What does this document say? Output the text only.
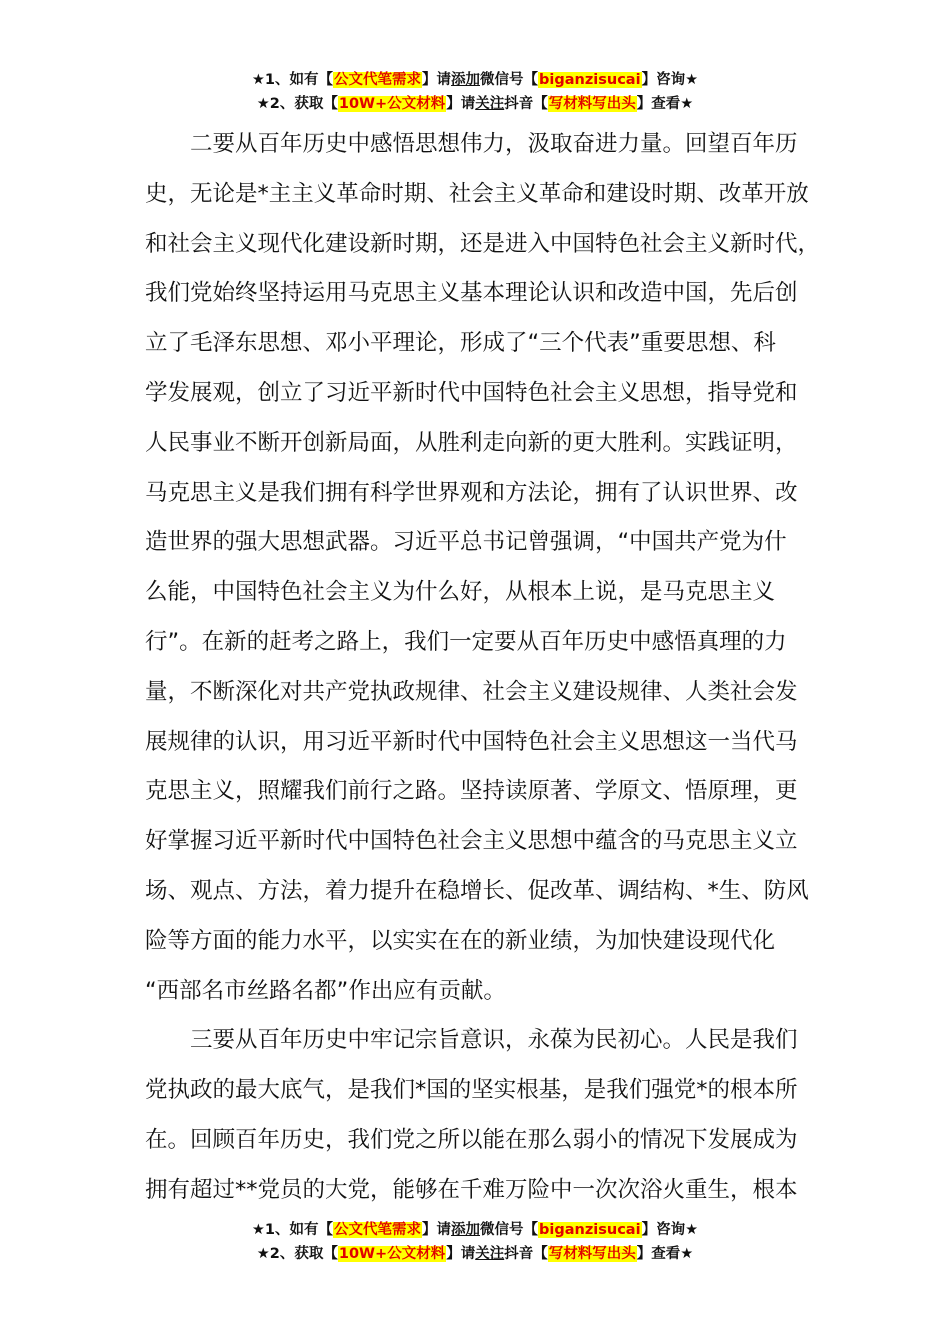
★1、如有【公文代笔需求】请添加微信号【biganzisucai】咨询★
★2、获取【10W+公文材料】请关注抖音【写材料写出头】查看★
　　二要从百年历史中感悟思想伟力，汲取奋进力量。回望百年历
史，无论是*主主义革命时期、社会主义革命和建设时期、改革开放
和社会主义现代化建设新时期，还是进入中国特色社会主义新时代，
我们党始终坚持运用马克思主义基本理论认识和改造中国，先后创
立了毛泽东思想、邓小平理论，形成了“三个代表”重要思想、科
学发展观，创立了习近平新时代中国特色社会主义思想，指导党和
人民事业不断开创新局面，从胜利走向新的更大胜利。实践证明，
马克思主义是我们拥有科学世界观和方法论，拥有了认识世界、改
造世界的强大思想武器。习近平总书记曾强调，“中国共产党为什
么能，中国特色社会主义为什么好，从根本上说，是马克思主义
行”。在新的赶考之路上，我们一定要从百年历史中感悟真理的力
量，不断深化对共产党执政规律、社会主义建设规律、人类社会发
展规律的认识，用习近平新时代中国特色社会主义思想这一当代马
克思主义，照耀我们前行之路。坚持读原著、学原文、悟原理，更
好掌握习近平新时代中国特色社会主义思想中蕴含的马克思主义立
场、观点、方法，着力提升在稳增长、促改革、调结构、*生、防风
险等方面的能力水平，以实实在在的新业绩，为加快建设现代化
“西部名市丝路名都”作出应有贡献。
　　三要从百年历史中牢记宗旨意识，永葆为民初心。人民是我们
党执政的最大底气，是我们*国的坚实根基，是我们强党*的根本所
在。回顾百年历史，我们党之所以能在那么弱小的情况下发展成为
拥有超过**党员的大党，能够在千难万险中一次次浴火重生，根本
★1、如有【公文代笔需求】请添加微信号【biganzisucai】咨询★
★2、获取【10W+公文材料】请关注抖音【写材料写出头】查看★
